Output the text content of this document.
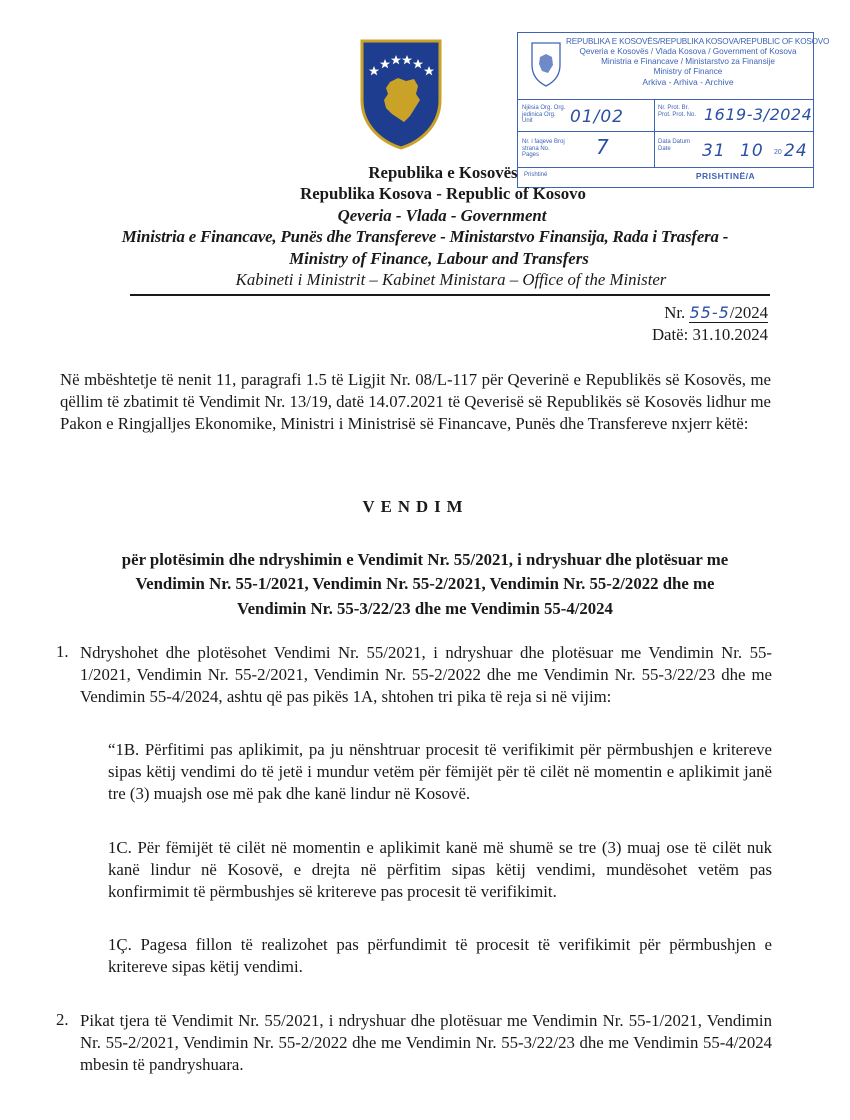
REPUBLIKA E KOSOVËS/REPUBLIKA KOSOVA/REPUBLIC OF KOSOVO
Qeveria e Kosovës / Vlada Kosova / Government of Kosova
Ministria e Financave / Ministarstvo za Finansije
Ministry of Finance
Arkiva - Arhiva - Archive
Njësia Org. Org. jedinica Org. Unit	01/02	Nr. Prot. Br. Prot. Prot. No. 1619-3/2024
Nr. i faqeve Broj strana No. Pages	7	Data Datum Date	31 10 20 24
Prishtinë	PRISHTINË/A
Republika e Kosovës
Republika Kosova - Republic of Kosovo
Qeveria - Vlada - Government
Ministria e Financave, Punës dhe Transfereve - Ministarstvo Finansija, Rada i Trasfera -
Ministry of Finance, Labour and Transfers
Kabineti i Ministrit – Kabinet Ministara – Office of the Minister
Nr. 55-5/2024
Datë: 31.10.2024
Në mbështetje të nenit 11, paragrafi 1.5 të Ligjit Nr. 08/L-117 për Qeverinë e Republikës së Kosovës, me qëllim të zbatimit të Vendimit Nr. 13/19, datë 14.07.2021 të Qeverisë së Republikës së Kosovës lidhur me Pakon e Ringjalljes Ekonomike, Ministri i Ministrisë së Financave, Punës dhe Transfereve nxjerr këtë:
VENDIM
për plotësimin dhe ndryshimin e Vendimit Nr. 55/2021, i ndryshuar dhe plotësuar me
Vendimin Nr. 55-1/2021, Vendimin Nr. 55-2/2021, Vendimin Nr. 55-2/2022 dhe me
Vendimin Nr. 55-3/22/23 dhe me Vendimin 55-4/2024
1. Ndryshohet dhe plotësohet Vendimi Nr. 55/2021, i ndryshuar dhe plotësuar me Vendimin Nr. 55-1/2021, Vendimin Nr. 55-2/2021, Vendimin Nr. 55-2/2022 dhe me Vendimin Nr. 55-3/22/23 dhe me Vendimin 55-4/2024, ashtu që pas pikës 1A, shtohen tri pika të reja si në vijim:
“1B. Përfitimi pas aplikimit, pa ju nënshtruar procesit të verifikimit për përmbushjen e kritereve sipas këtij vendimi do të jetë i mundur vetëm për fëmijët për të cilët në momentin e aplikimit janë tre (3) muajsh ose më pak dhe kanë lindur në Kosovë.
1C. Për fëmijët të cilët në momentin e aplikimit kanë më shumë se tre (3) muaj ose të cilët nuk kanë lindur në Kosovë, e drejta në përfitim sipas këtij vendimi, mundësohet vetëm pas konfirmimit të përmbushjes së kritereve pas procesit të verifikimit.
1Ç. Pagesa fillon të realizohet pas përfundimit të procesit të verifikimit për përmbushjen e kritereve sipas këtij vendimi.
2. Pikat tjera të Vendimit Nr. 55/2021, i ndryshuar dhe plotësuar me Vendimin Nr. 55-1/2021, Vendimin Nr. 55-2/2021, Vendimin Nr. 55-2/2022 dhe me Vendimin Nr. 55-3/22/23 dhe me Vendimin 55-4/2024 mbesin të pandryshuara.
